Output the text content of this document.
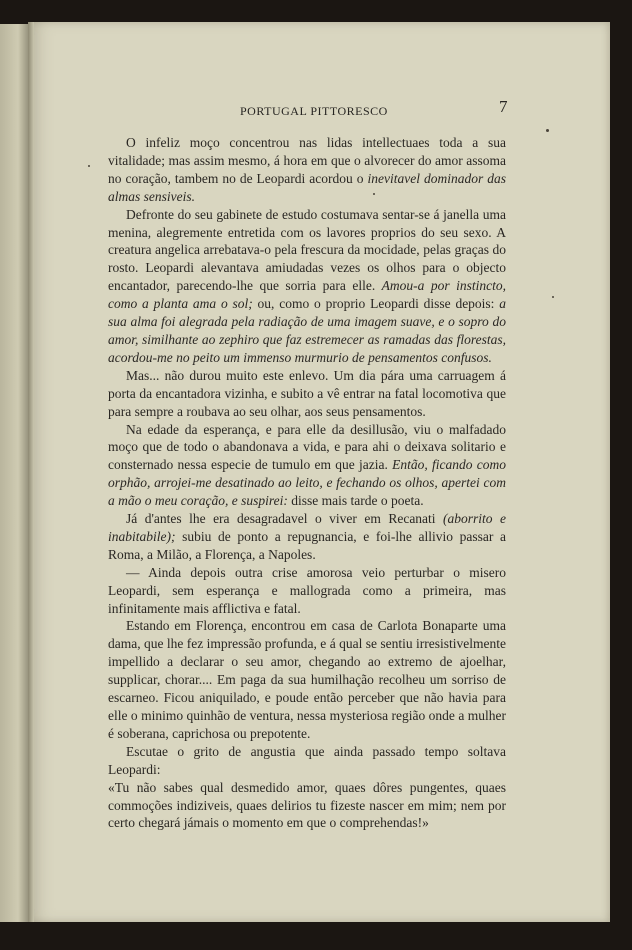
PORTUGAL PITTORESCO	7

O infeliz moço concentrou nas lidas intellectuaes toda a sua vitalidade; mas assim mesmo, á hora em que o alvorecer do amor assoma no coração, tambem no de Leopardi acordou o inevitavel dominador das almas sensiveis.

Defronte do seu gabinete de estudo costumava sentar-se á janella uma menina, alegremente entretida com os lavores proprios do seu sexo. A creatura angelica arrebatava-o pela frescura da mocidade, pelas graças do rosto. Leopardi alevantava amiudadas vezes os olhos para o objecto encantador, parecendo-lhe que sorria para elle. Amou-a por instincto, como a planta ama o sol; ou, como o proprio Leopardi disse depois: a sua alma foi alegrada pela radiação de uma imagem suave, e o sopro do amor, similhante ao zephiro que faz estremecer as ramadas das florestas, acordou-me no peito um immenso murmurio de pensamentos confusos.

Mas... não durou muito este enlevo. Um dia pára uma carruagem á porta da encantadora vizinha, e subito a vê entrar na fatal locomotiva que para sempre a roubava ao seu olhar, aos seus pensamentos.

Na edade da esperança, e para elle da desillusão, viu o malfadado moço que de todo o abandonava a vida, e para ahi o deixava solitario e consternado nessa especie de tumulo em que jazia. Então, ficando como orphão, arrojei-me desatinado ao leito, e fechando os olhos, apertei com a mão o meu coração, e suspirei: disse mais tarde o poeta.

Já d'antes lhe era desagradavel o viver em Recanati (aborrito e inabitabile); subiu de ponto a repugnancia, e foi-lhe allivio passar a Roma, a Milão, a Florença, a Napoles.

— Ainda depois outra crise amorosa veio perturbar o misero Leopardi, sem esperança e mallograda como a primeira, mas infinitamente mais afflictiva e fatal.

Estando em Florença, encontrou em casa de Carlota Bonaparte uma dama, que lhe fez impressão profunda, e á qual se sentiu irresistivelmente impellido a declarar o seu amor, chegando ao extremo de ajoelhar, supplicar, chorar.... Em paga da sua humilhação recolheu um sorriso de escarneo. Ficou aniquilado, e poude então perceber que não havia para elle o minimo quinhão de ventura, nessa mysteriosa região onde a mulher é soberana, caprichosa ou prepotente.

Escutae o grito de angustia que ainda passado tempo soltava Leopardi:

«Tu não sabes qual desmedido amor, quaes dôres pungentes, quaes commoções indiziveis, quaes delirios tu fizeste nascer em mim; nem por certo chegará jámais o momento em que o comprehendas!»
